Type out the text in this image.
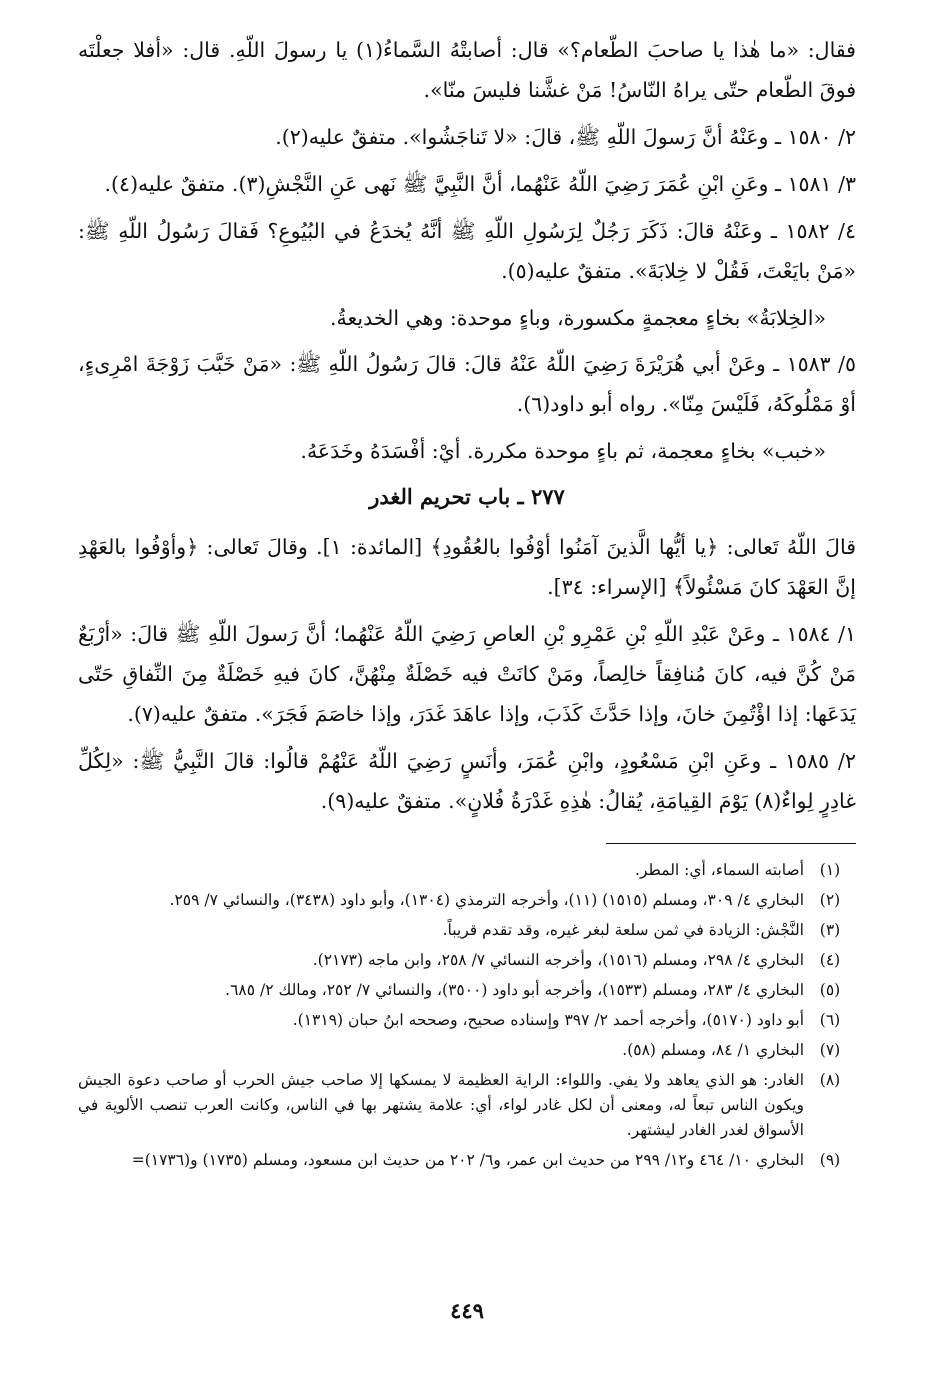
فقال: «ما هٰذا يا صاحبَ الطّعام؟» قال: أصابتْهُ السَّماءُ(١) يا رسولَ اللّهِ. قال: «أفلا جعلْتَه فوقَ الطّعام حتّى يراهُ النّاسُ! مَنْ غشَّنا فليسَ منّا».

٢/ ١٥٨٠ ـ وعَنْهُ أنَّ رَسولَ اللّهِ ﷺ، قالَ: «لا تَناجَشُوا». متفقٌ عليه(٢).

٣/ ١٥٨١ ـ وعَنِ ابْنِ عُمَرَ رَضِيَ اللّهُ عَنْهُما، أنَّ النَّبِيَّ ﷺ نَهى عَنِ النَّجْشِ(٣). متفقٌ عليه(٤).

٤/ ١٥٨٢ ـ وعَنْهُ قالَ: ذَكَرَ رَجُلٌ لِرَسُولِ اللّهِ ﷺ أنَّهُ يُخدَعُ في البُيُوعِ؟ فَقالَ رَسُولُ اللّهِ ﷺ: «مَنْ بايَعْتَ، فَقُلْ لا خِلابَةَ». متفقٌ عليه(٥).

«الخِلابَةُ» بخاءٍ معجمةٍ مكسورة، وباءٍ موحدة: وهي الخديعةُ.

٥/ ١٥٨٣ ـ وعَنْ أبي هُرَيْرَةَ رَضِيَ اللّهُ عَنْهُ قالَ: قالَ رَسُولُ اللّهِ ﷺ: «مَنْ خَبَّبَ زَوْجَةَ امْرِىءٍ، أوْ مَمْلُوكَهُ، فَلَيْسَ مِنّا». رواه أبو داود(٦).

«خبب» بخاءٍ معجمة، ثم باءٍ موحدة مكررة. أيْ: أفْسَدَهُ وخَدَعَهُ.

٢٧٧ ـ باب تحريم الغدر

قالَ اللّهُ تَعالى: ﴿يا أيُّها الَّذينَ آمَنُوا أوْفُوا بالعُقُودِ﴾ [المائدة: ١]. وقالَ تَعالى: ﴿وأوْفُوا بالعَهْدِ إنَّ العَهْدَ كانَ مَسْئُولاً﴾ [الإسراء: ٣٤].

١/ ١٥٨٤ ـ وعَنْ عَبْدِ اللّهِ بْنِ عَمْرِو بْنِ العاصِ رَضِيَ اللّهُ عَنْهُما؛ أنَّ رَسولَ اللّهِ ﷺ قالَ: «أرْبَعٌ مَنْ كُنَّ فيه، كانَ مُنافِقاً خالِصاً، ومَنْ كانَتْ فيه خَصْلَةٌ مِنْهُنَّ، كانَ فيهِ خَصْلَةٌ مِنَ النِّفاقِ حَتّى يَدَعَها: إذا اؤْتُمِنَ خانَ، وإذا حَدَّثَ كَذَبَ، وإذا عاهَدَ غَدَرَ، وإذا خاصَمَ فَجَرَ». متفقٌ عليه(٧).

٢/ ١٥٨٥ ـ وعَنِ ابْنِ مَسْعُودٍ، وابْنِ عُمَرَ، وأنَسٍ رَضِيَ اللّهُ عَنْهُمْ قالُوا: قالَ النَّبِيُّ ﷺ: «لِكُلِّ غادِرٍ لِواءٌ(٨) يَوْمَ القِيامَةِ، يُقالُ: هٰذِهِ غَدْرَةُ فُلانٍ». متفقٌ عليه(٩).

(١)
أصابته السماء، أي: المطر.
(٢)
البخاري ٤/ ٣٠٩، ومسلم (١٥١٥) (١١)، وأخرجه الترمذي (١٣٠٤)، وأبو داود (٣٤٣٨)، والنسائي ٧/ ٢٥٩.
(٣)
النَّجْش: الزيادة في ثمن سلعة لبغر غيره، وقد تقدم قريباً.
(٤)
البخاري ٤/ ٢٩٨، ومسلم (١٥١٦)، وأخرجه النسائي ٧/ ٢٥٨، وابن ماجه (٢١٧٣).
(٥)
البخاري ٤/ ٢٨٣، ومسلم (١٥٣٣)، وأخرجه أبو داود (٣٥٠٠)، والنسائي ٧/ ٢٥٢، ومالك ٢/ ٦٨٥.
(٦)
أبو داود (٥١٧٠)، وأخرجه أحمد ٢/ ٣٩٧ وإسناده صحيح، وصححه ابنُ حبان (١٣١٩).
(٧)
البخاري ١/ ٨٤، ومسلم (٥٨).
(٨)
الغادر: هو الذي يعاهد ولا يفي. واللواء: الراية العظيمة لا يمسكها إلا صاحب جيش الحرب أو صاحب دعوة الجيش ويكون الناس تبعاً له، ومعنى أن لكل غادر لواء، أي: علامة يشتهر بها في الناس، وكانت العرب تنصب الألوية في الأسواق لغدر الغادر ليشتهر.
(٩)
البخاري ١٠/ ٤٦٤ و١٢/ ٢٩٩ من حديث ابن عمر، و٦/ ٢٠٢ من حديث ابن مسعود، ومسلم (١٧٣٥) و(١٧٣٦)=
٤٤٩
